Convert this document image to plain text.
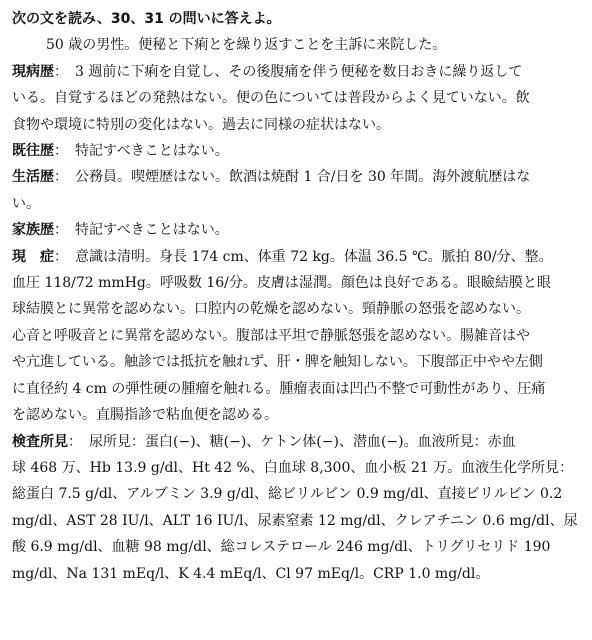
次の文を読み、30、31 の問いに答えよ。
50 歳の男性。便秘と下痢とを繰り返すことを主訴に来院した。
現病歴：　3 週前に下痢を自覚し、その後腹痛を伴う便秘を数日おきに繰り返して
いる。自覚するほどの発熱はない。便の色については普段からよく見ていない。飲
食物や環境に特別の変化はない。過去に同様の症状はない。
既往歴：　特記すべきことはない。
生活歴：　公務員。喫煙歴はない。飲酒は焼酎 1 合/日を 30 年間。海外渡航歴はな
い。
家族歴：　特記すべきことはない。
現　症：　意識は清明。身長 174 cm、体重 72 kg。体温 36.5 ℃。脈拍 80/分、整。
血圧 118/72 mmHg。呼吸数 16/分。皮膚は湿潤。顔色は良好である。眼瞼結膜と眼
球結膜とに異常を認めない。口腔内の乾燥を認めない。頸静脈の怒張を認めない。
心音と呼吸音とに異常を認めない。腹部は平坦で静脈怒張を認めない。腸雑音はや
や亢進している。触診では抵抗を触れず、肝・脾を触知しない。下腹部正中やや左側
に直径約 4 cm の弾性硬の腫瘤を触れる。腫瘤表面は凹凸不整で可動性があり、圧痛
を認めない。直腸指診で粘血便を認める。
検査所見：　尿所見：蛋白(−)、糖(−)、ケトン体(−)、潜血(−)。血液所見：赤血
球 468 万、Hb 13.9 g/dl、Ht 42 %、白血球 8,300、血小板 21 万。血液生化学所見：
総蛋白 7.5 g/dl、アルブミン 3.9 g/dl、総ビリルビン 0.9 mg/dl、直接ビリルビン 0.2
mg/dl、AST 28 IU/l、ALT 16 IU/l、尿素窒素 12 mg/dl、クレアチニン 0.6 mg/dl、尿
酸 6.9 mg/dl、血糖 98 mg/dl、総コレステロール 246 mg/dl、トリグリセリド 190
mg/dl、Na 131 mEq/l、K 4.4 mEq/l、Cl 97 mEq/l。CRP 1.0 mg/dl。
